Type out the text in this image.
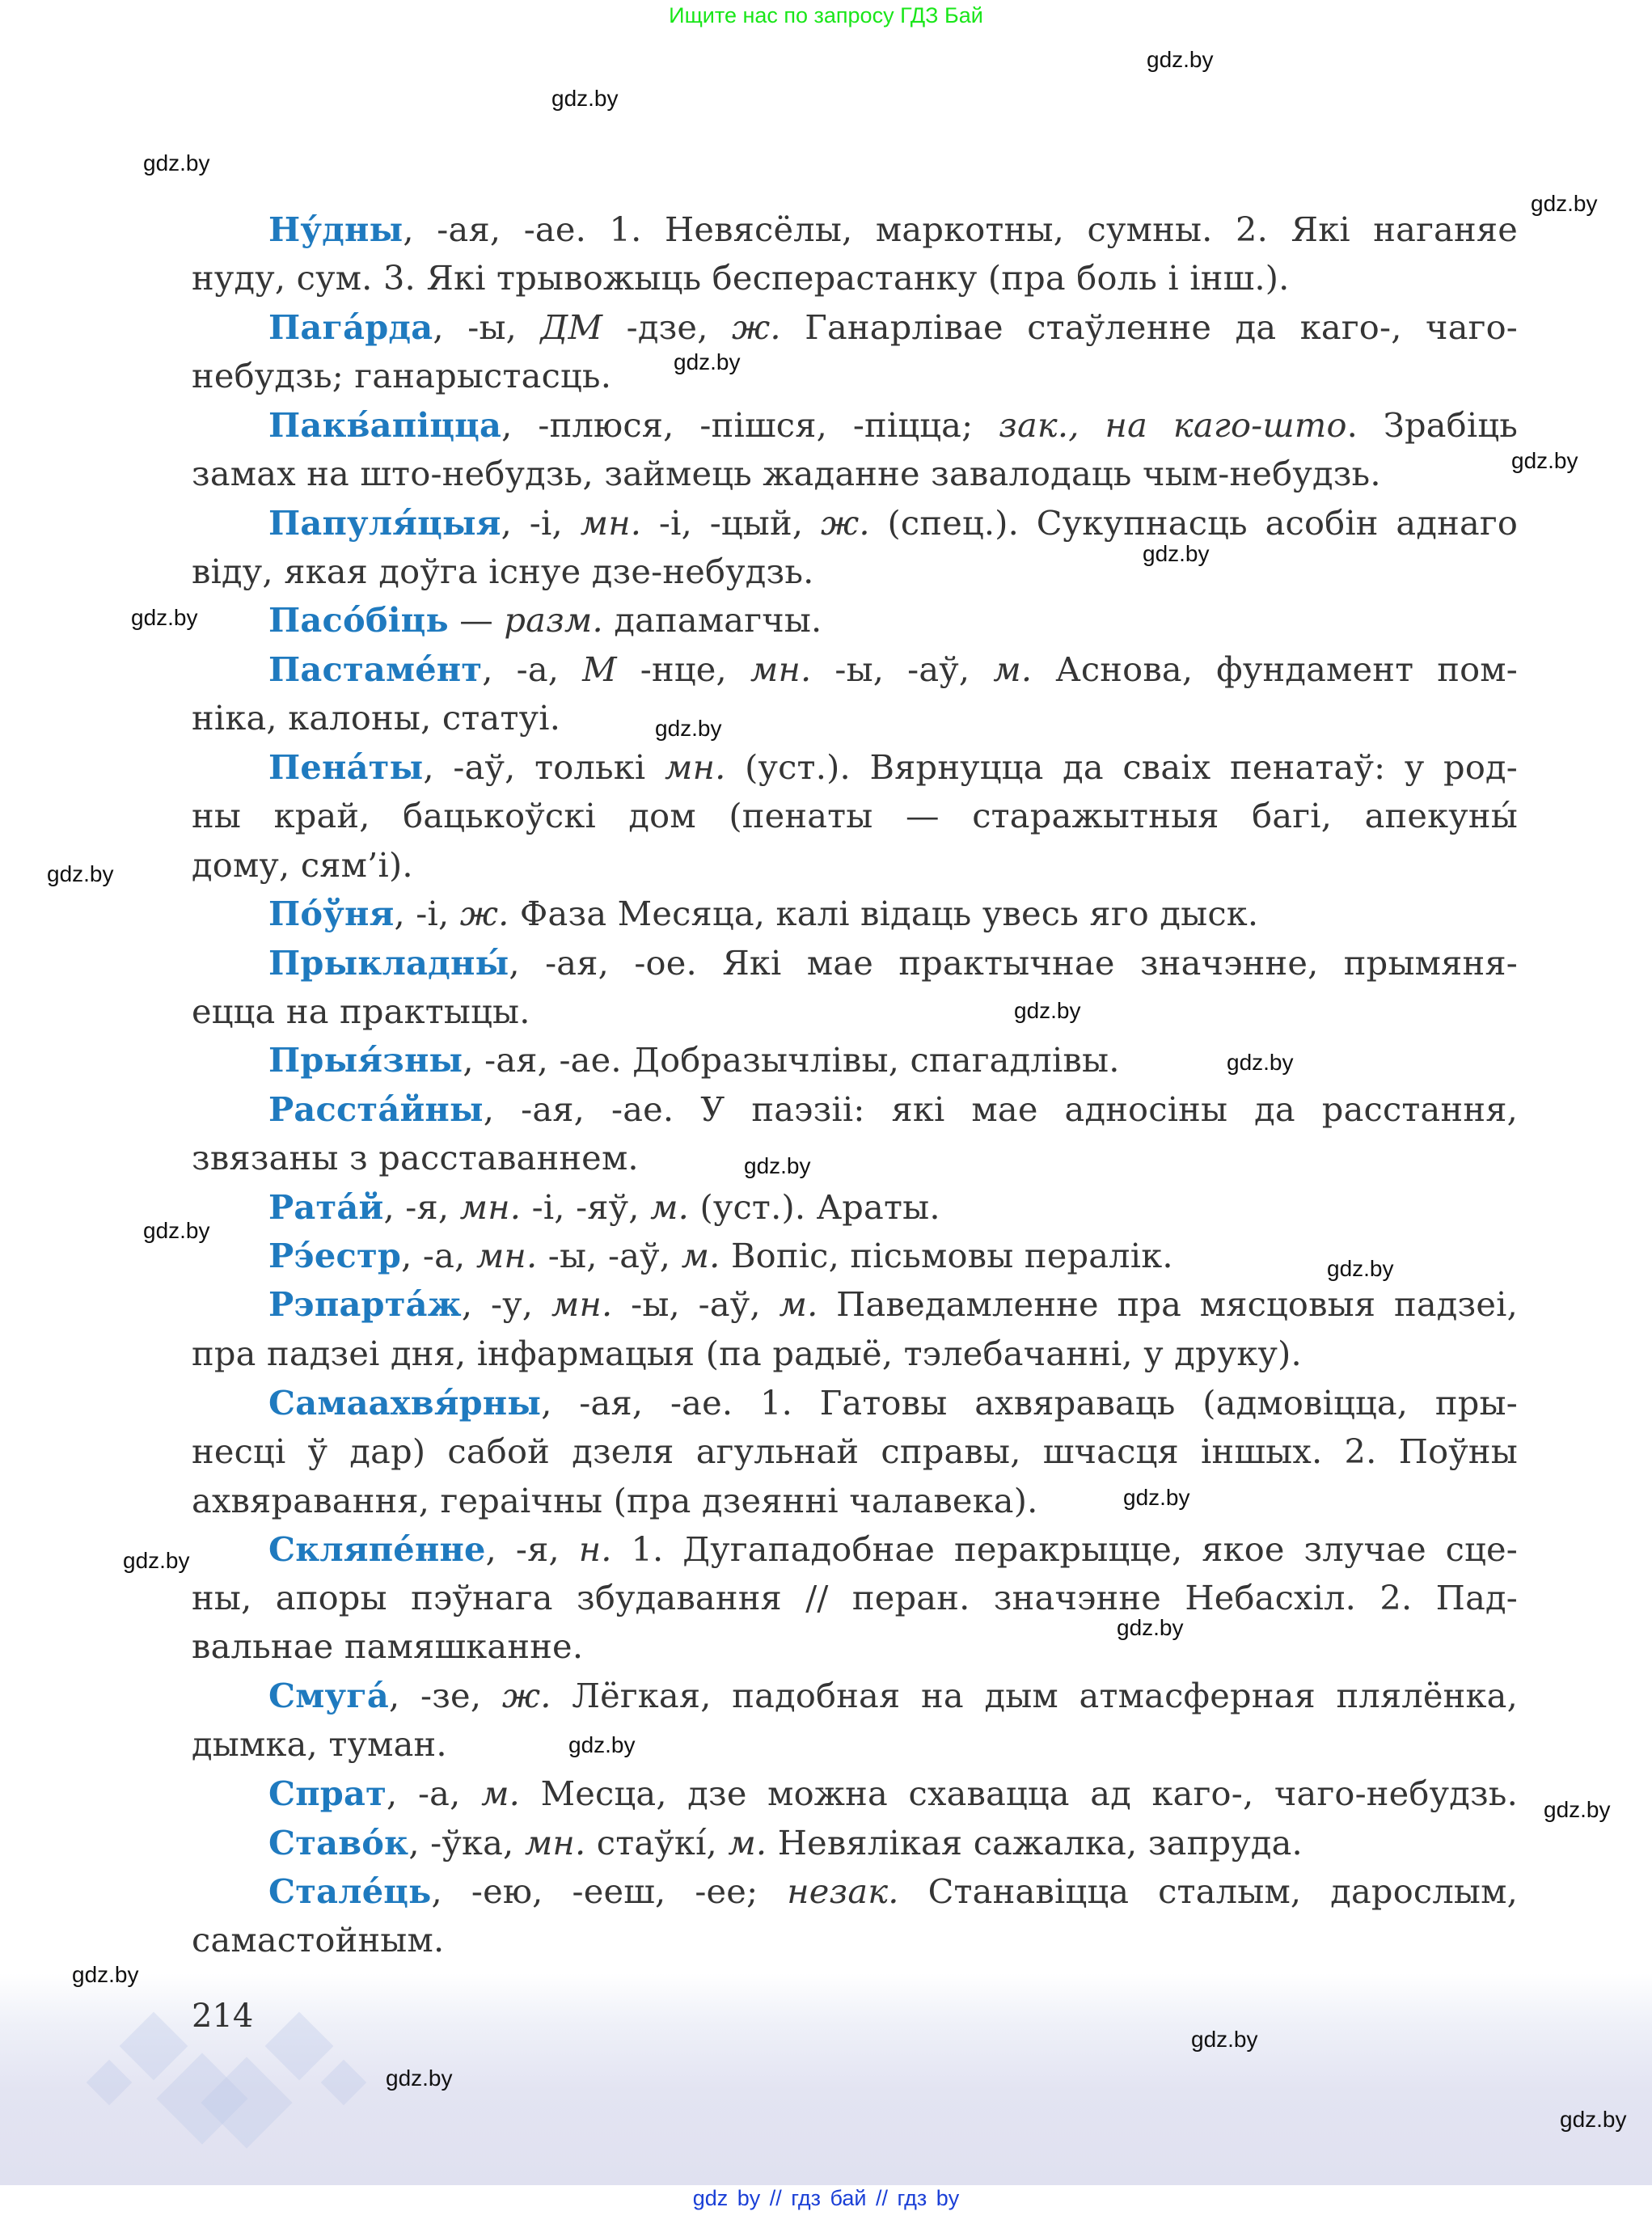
Ищите нас по запросу ГДЗ Бай
Ну́дны, -ая, -ае. 1. Невясёлы, маркотны, сумны. 2. Які наганяе
нуду, сум. 3. Які трывожыць бесперастанку (пра боль і інш.).
Пага́рда, -ы, ДМ -дзе, ж. Ганарлівае стаўленне да каго-, чаго-
небудзь; ганарыстасць.
Пакв́апіцца, -плюся, -пішся, -піцца; зак., на каго-што. Зрабіць
замах на што-небудзь, займець жаданне завалодаць чым-небудзь.
Папуля́цыя, -і, мн. -і, -цый, ж. (спец.). Сукупнасць асобін аднаго
віду, якая доўга існуе дзе-небудзь.
Пасо́біць — разм. дапамагчы.
Пастаме́нт, -а, М -нце, мн. -ы, -аў, м. Аснова, фундамент пом-
ніка, калоны, статуі.
Пена́ты, -аў, толькі мн. (уст.). Вярнуцца да сваіх пенатаў: у род-
ны край, бацькоўскі дом (пенаты — старажытныя багі, апекуны́
дому, сям’і).
По́ўня, -і, ж. Фаза Месяца, калі відаць увесь яго дыск.
Прыкладны́, -ая, -ое. Які мае практычнае значэнне, прымяня-
ецца на практыцы.
Прыя́зны, -ая, -ае. Добразычлівы, спагадлівы.
Расста́йны, -ая, -ае. У паэзіі: які мае адносіны да расстання,
звязаны з расставаннем.
Рата́й, -я, мн. -і, -яў, м. (уст.). Араты.
Рэ́естр, -а, мн. -ы, -аў, м. Вопіс, пісьмовы пералік.
Рэпарта́ж, -у, мн. -ы, -аў, м. Паведамленне пра мясцовыя падзеі,
пра падзеі дня, інфармацыя (па радыё, тэлебачанні, у друку).
Самаахвя́рны, -ая, -ае. 1. Гатовы ахвяраваць (адмовіцца, пры-
несці ў дар) сабой дзеля агульнай справы, шчасця іншых. 2. Поўны
ахвяравання, гераічны (пра дзеянні чалавека).
Скляпе́нне, -я, н. 1. Дугападобнае перакрыцце, якое злучае сце-
ны, апоры пэўнага збудавання // перан. значэнне Небасхіл. 2. Пад-
вальнае памяшканне.
Смуга́, -зе, ж. Лёгкая, падобная на дым атмасферная плялёнка,
дымка, туман.
Спрат, -а, м. Месца, дзе можна схавацца ад каго-, чаго-небудзь.
Ставо́к, -ўка, мн. стаўкі́, м. Невялікая сажалка, запруда.
Стале́ць, -ею, -ееш, -ее; незак. Станавіцца сталым, дарослым,
самастойным.
214
gdz.by
gdz.by
gdz.by
gdz.by
gdz.by
gdz.by
gdz.by
gdz.by
gdz.by
gdz.by
gdz.by
gdz.by
gdz.by
gdz.by
gdz.by
gdz.by
gdz.by
gdz.by
gdz.by
gdz.by
gdz.by
gdz.by
gdz.by
gdz.by
gdz by // гдз бай // гдз by
